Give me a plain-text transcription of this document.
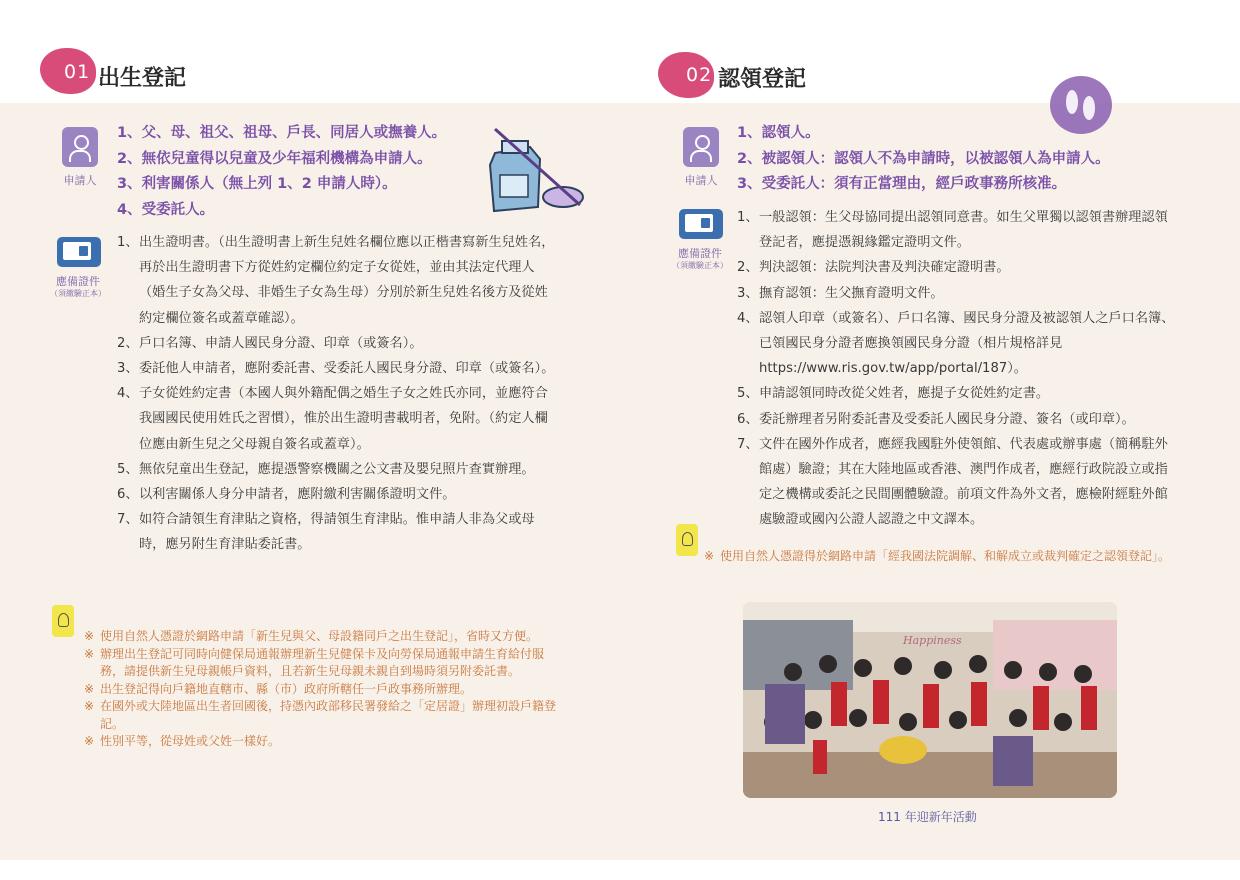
01 出生登記
申請人
1、父、母、祖父、祖母、戶長、同居人或撫養人。
2、無依兒童得以兒童及少年福利機構為申請人。
3、利害關係人（無上列 1、2 申請人時）。
4、受委託人。
應備證件
（須繳驗正本）
1、 出生證明書。（出生證明書上新生兒姓名欄位應以正楷書寫新生兒姓名，再於出生證明書下方從姓約定欄位約定子女從姓，並由其法定代理人（婚生子女為父母、非婚生子女為生母）分別於新生兒姓名後方及從姓約定欄位簽名或蓋章確認）。
2、 戶口名簿、申請人國民身分證、印章（或簽名）。
3、 委託他人申請者，應附委託書、受委託人國民身分證、印章（或簽名）。
4、 子女從姓約定書（本國人與外籍配偶之婚生子女之姓氏亦同，並應符合我國國民使用姓氏之習慣），惟於出生證明書載明者，免附。（約定人欄位應由新生兒之父母親自簽名或蓋章）。
5、 無依兒童出生登記，應提憑警察機關之公文書及嬰兒照片查實辦理。
6、 以利害關係人身分申請者，應附繳利害關係證明文件。
7、 如符合請領生育津貼之資格，得請領生育津貼。惟申請人非為父或母時，應另附生育津貼委託書。
※ 使用自然人憑證於網路申請「新生兒與父、母設籍同戶之出生登記」，省時又方便。
※ 辦理出生登記可同時向健保局通報辦理新生兒健保卡及向勞保局通報申請生育給付服務，請提供新生兒母親帳戶資料，且若新生兒母親未親自到場時須另附委託書。
※ 出生登記得向戶籍地直轄市、縣（市）政府所轄任一戶政事務所辦理。
※ 在國外或大陸地區出生者回國後，持憑內政部移民署發給之「定居證」辦理初設戶籍登記。
※ 性別平等，從母姓或父姓一樣好。
02 認領登記
申請人
1、認領人。
2、被認領人：認領人不為申請時，以被認領人為申請人。
3、受委託人：須有正當理由，經戶政事務所核准。
應備證件
（須繳驗正本）
1、 一般認領：生父母協同提出認領同意書。如生父單獨以認領書辦理認領登記者，應提憑親緣鑑定證明文件。
2、 判決認領：法院判決書及判決確定證明書。
3、 撫育認領：生父撫育證明文件。
4、 認領人印章（或簽名）、戶口名簿、國民身分證及被認領人之戶口名簿、已領國民身分證者應換領國民身分證（相片規格詳見 https://www.ris.gov.tw/app/portal/187）。
5、 申請認領同時改從父姓者，應提子女從姓約定書。
6、 委託辦理者另附委託書及受委託人國民身分證、簽名（或印章）。
7、 文件在國外作成者，應經我國駐外使領館、代表處或辦事處（簡稱駐外館處）驗證；其在大陸地區或香港、澳門作成者，應經行政院設立或指定之機構或委託之民間團體驗證。前項文件為外文者，應檢附經駐外館處驗證或國內公證人認證之中文譯本。
※ 使用自然人憑證得於網路申請「經我國法院調解、和解成立或裁判確定之認領登記」。
Happiness
111 年迎新年活動
